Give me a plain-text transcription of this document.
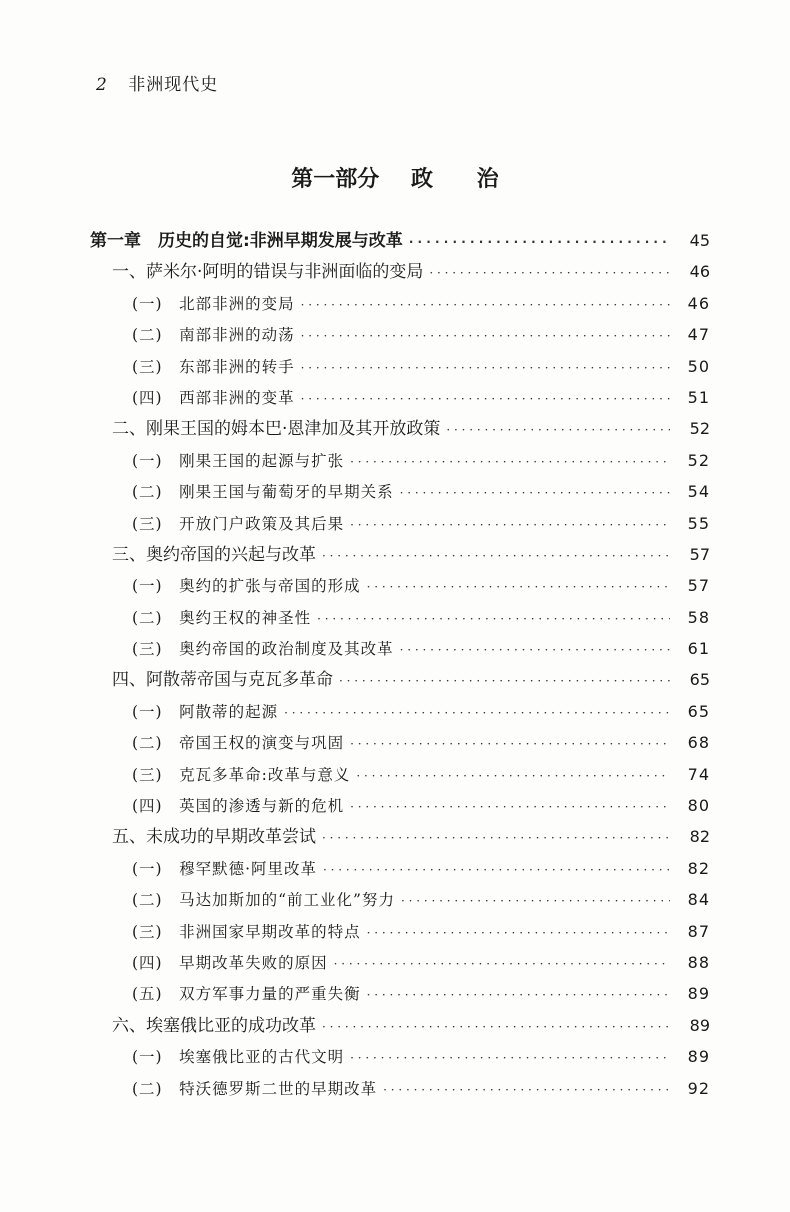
2 非洲现代史
第一部分 政 治
第一章　历史的自觉:非洲早期发展与改革 · · ·	45
一、萨米尔·阿明的错误与非洲面临的变局 · · ·	46
(一)　北部非洲的变局 · · ·	46
(二)　南部非洲的动荡 · · ·	47
(三)　东部非洲的转手 · · ·	50
(四)　西部非洲的变革 · · ·	51
二、刚果王国的姆本巴·恩津加及其开放政策 · · ·	52
(一)　刚果王国的起源与扩张 · · ·	52
(二)　刚果王国与葡萄牙的早期关系 · · ·	54
(三)　开放门户政策及其后果 · · ·	55
三、奥约帝国的兴起与改革 · · ·	57
(一)　奥约的扩张与帝国的形成 · · ·	57
(二)　奥约王权的神圣性 · · ·	58
(三)　奥约帝国的政治制度及其改革 · · ·	61
四、阿散蒂帝国与克瓦多革命 · · ·	65
(一)　阿散蒂的起源 · · ·	65
(二)　帝国王权的演变与巩固 · · ·	68
(三)　克瓦多革命:改革与意义 · · ·	74
(四)　英国的渗透与新的危机 · · ·	80
五、未成功的早期改革尝试 · · ·	82
(一)　穆罕默德·阿里改革 · · ·	82
(二)　马达加斯加的“前工业化”努力 · · ·	84
(三)　非洲国家早期改革的特点 · · ·	87
(四)　早期改革失败的原因 · · ·	88
(五)　双方军事力量的严重失衡 · · ·	89
六、埃塞俄比亚的成功改革 · · ·	89
(一)　埃塞俄比亚的古代文明 · · ·	89
(二)　特沃德罗斯二世的早期改革 · · ·	92
